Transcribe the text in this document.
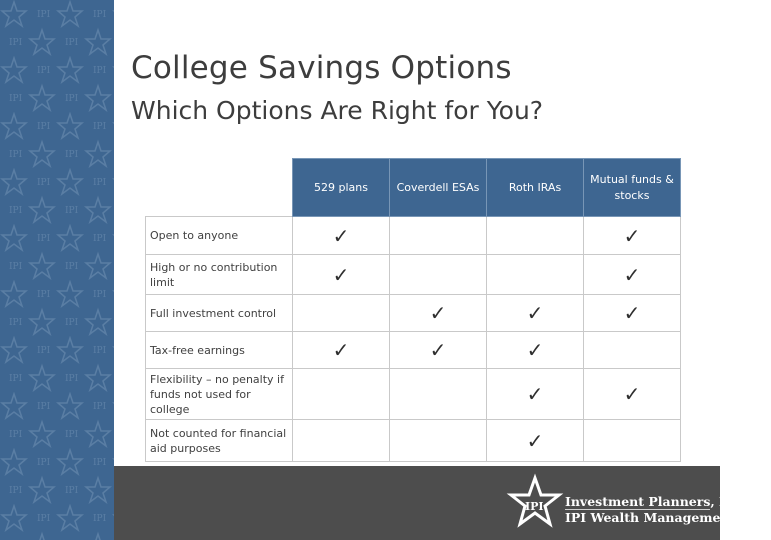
College Savings Options
Which Options Are Right for You?
	529 plans	Coverdell ESAs	Roth IRAs	Mutual funds & stocks
Open to anyone	✓			✓
High or no contribution limit	✓			✓
Full investment control		✓	✓	✓
Tax-free earnings	✓	✓	✓	
Flexibility – no penalty if funds not used for college			✓	✓
Not counted for financial aid purposes			✓	
IPI Investment Planners, Inc.
IPI Wealth Management, Inc.
